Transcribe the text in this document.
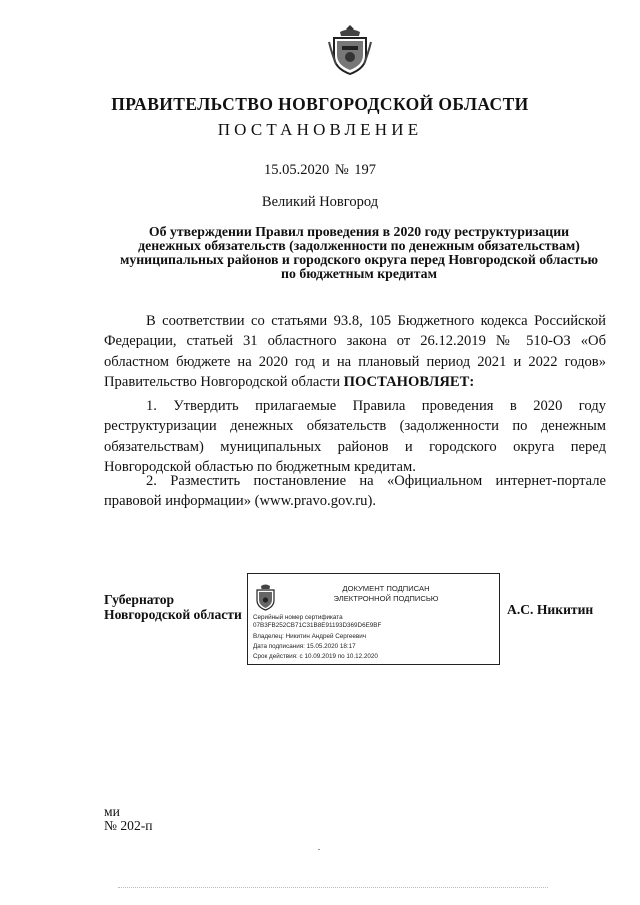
ПРАВИТЕЛЬСТВО НОВГОРОДСКОЙ ОБЛАСТИ
ПОСТАНОВЛЕНИЕ
15.05.2020 № 197
Великий Новгород
Об утверждении Правил проведения в 2020 году реструктуризации денежных обязательств (задолженности по денежным обязательствам) муниципальных районов и городского округа перед Новгородской областью по бюджетным кредитам
В соответствии со статьями 93.8, 105 Бюджетного кодекса Российской Федерации, статьей 31 областного закона от 26.12.2019 № 510-ОЗ «Об областном бюджете на 2020 год и на плановый период 2021 и 2022 годов» Правительство Новгородской области ПОСТАНОВЛЯЕТ:
1. Утвердить прилагаемые Правила проведения в 2020 году реструктуризации денежных обязательств (задолженности по денежным обязательствам) муниципальных районов и городского округа перед Новгородской областью по бюджетным кредитам.
2. Разместить постановление на «Официальном интернет-портале правовой информации» (www.pravo.gov.ru).
Губернатор
Новгородской области
ДОКУМЕНТ ПОДПИСАН
ЭЛЕКТРОННОЙ ПОДПИСЬЮ
Серийный номер сертификата
07B3FB252CB71C31B8E91193D369D6E9BF
Владелец: Никитин Андрей Сергеевич
Дата подписания: 15.05.2020 18:17
Срок действия: с 10.09.2019 по 10.12.2020
А.С. Никитин
ми
№ 202-п
